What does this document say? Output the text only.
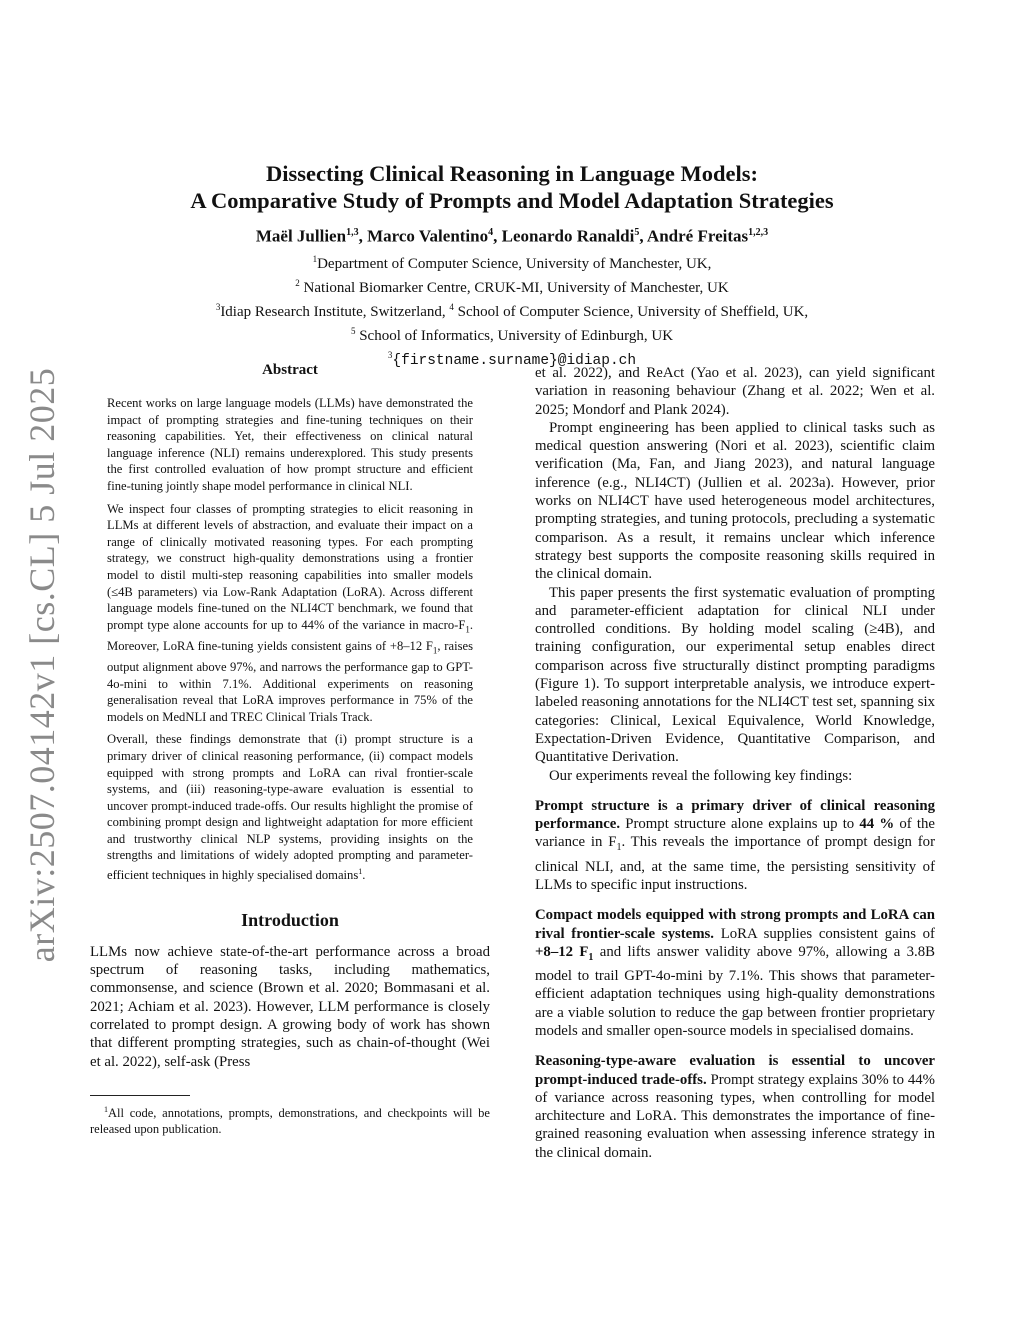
arXiv:2507.04142v1 [cs.CL] 5 Jul 2025
Dissecting Clinical Reasoning in Language Models:
A Comparative Study of Prompts and Model Adaptation Strategies
Maël Jullien$^{1,3}$, Marco Valentino$^4$, Leonardo Ranaldi$^5$, André Freitas$^{1,2,3}$
$^1$Department of Computer Science, University of Manchester, UK,
$^2$ National Biomarker Centre, CRUK-MI, University of Manchester, UK
$^3$Idiap Research Institute, Switzerland, $^4$ School of Computer Science, University of Sheffield, UK,
$^5$ School of Informatics, University of Edinburgh, UK
$^3${firstname.surname}@idiap.ch
Abstract

Recent works on large language models (LLMs) have demonstrated the impact of prompting strategies and fine-tuning techniques on their reasoning capabilities. Yet, their effectiveness on clinical natural language inference (NLI) remains underexplored. This study presents the first controlled evaluation of how prompt structure and efficient fine-tuning jointly shape model performance in clinical NLI.

We inspect four classes of prompting strategies to elicit reasoning in LLMs at different levels of abstraction, and evaluate their impact on a range of clinically motivated reasoning types. For each prompting strategy, we construct high-quality demonstrations using a frontier model to distil multi-step reasoning capabilities into smaller models (≤4B parameters) via Low-Rank Adaptation (LoRA). Across different language models fine-tuned on the NLI4CT benchmark, we found that prompt type alone accounts for up to 44% of the variance in macro-$F_1$. Moreover, LoRA fine-tuning yields consistent gains of +8–12 $F_1$, raises output alignment above 97%, and narrows the performance gap to GPT-4o-mini to within 7.1%. Additional experiments on reasoning generalisation reveal that LoRA improves performance in 75% of the models on MedNLI and TREC Clinical Trials Track.

Overall, these findings demonstrate that (i) prompt structure is a primary driver of clinical reasoning performance, (ii) compact models equipped with strong prompts and LoRA can rival frontier-scale systems, and (iii) reasoning-type-aware evaluation is essential to uncover prompt-induced trade-offs. Our results highlight the promise of combining prompt design and lightweight adaptation for more efficient and trustworthy clinical NLP systems, providing insights on the strengths and limitations of widely adopted prompting and parameter-efficient techniques in highly specialised domains$^1$.

Introduction

LLMs now achieve state-of-the-art performance across a broad spectrum of reasoning tasks, including mathematics, commonsense, and science (Brown et al. 2020; Bommasani et al. 2021; Achiam et al. 2023). However, LLM performance is closely correlated to prompt design. A growing body of work has shown that different prompting strategies, such as chain-of-thought (Wei et al. 2022), self-ask (Press

$^1$All code, annotations, prompts, demonstrations, and checkpoints will be released upon publication.

et al. 2022), and ReAct (Yao et al. 2023), can yield significant variation in reasoning behaviour (Zhang et al. 2022; Wen et al. 2025; Mondorf and Plank 2024).

Prompt engineering has been applied to clinical tasks such as medical question answering (Nori et al. 2023), scientific claim verification (Ma, Fan, and Jiang 2023), and natural language inference (e.g., NLI4CT) (Jullien et al. 2023a). However, prior works on NLI4CT have used heterogeneous model architectures, prompting strategies, and tuning protocols, precluding a systematic comparison. As a result, it remains unclear which inference strategy best supports the composite reasoning skills required in the clinical domain.

This paper presents the first systematic evaluation of prompting and parameter-efficient adaptation for clinical NLI under controlled conditions. By holding model scaling (≥4B), and training configuration, our experimental setup enables direct comparison across five structurally distinct prompting paradigms (Figure 1). To support interpretable analysis, we introduce expert-labeled reasoning annotations for the NLI4CT test set, spanning six categories: Clinical, Lexical Equivalence, World Knowledge, Expectation-Driven Evidence, Quantitative Comparison, and Quantitative Derivation.

Our experiments reveal the following key findings:

Prompt structure is a primary driver of clinical reasoning performance. Prompt structure alone explains up to 44 % of the variance in $F_1$. This reveals the importance of prompt design for clinical NLI, and, at the same time, the persisting sensitivity of LLMs to specific input instructions.

Compact models equipped with strong prompts and LoRA can rival frontier-scale systems. LoRA supplies consistent gains of +8–12 $F_1$ and lifts answer validity above 97%, allowing a 3.8B model to trail GPT-4o-mini by 7.1%. This shows that parameter-efficient adaptation techniques using high-quality demonstrations are a viable solution to reduce the gap between frontier proprietary models and smaller open-source models in specialised domains.

Reasoning-type-aware evaluation is essential to uncover prompt-induced trade-offs. Prompt strategy explains 30% to 44% of variance across reasoning types, when controlling for model architecture and LoRA. This demonstrates the importance of fine-grained reasoning evaluation when assessing inference strategy in the clinical domain.
